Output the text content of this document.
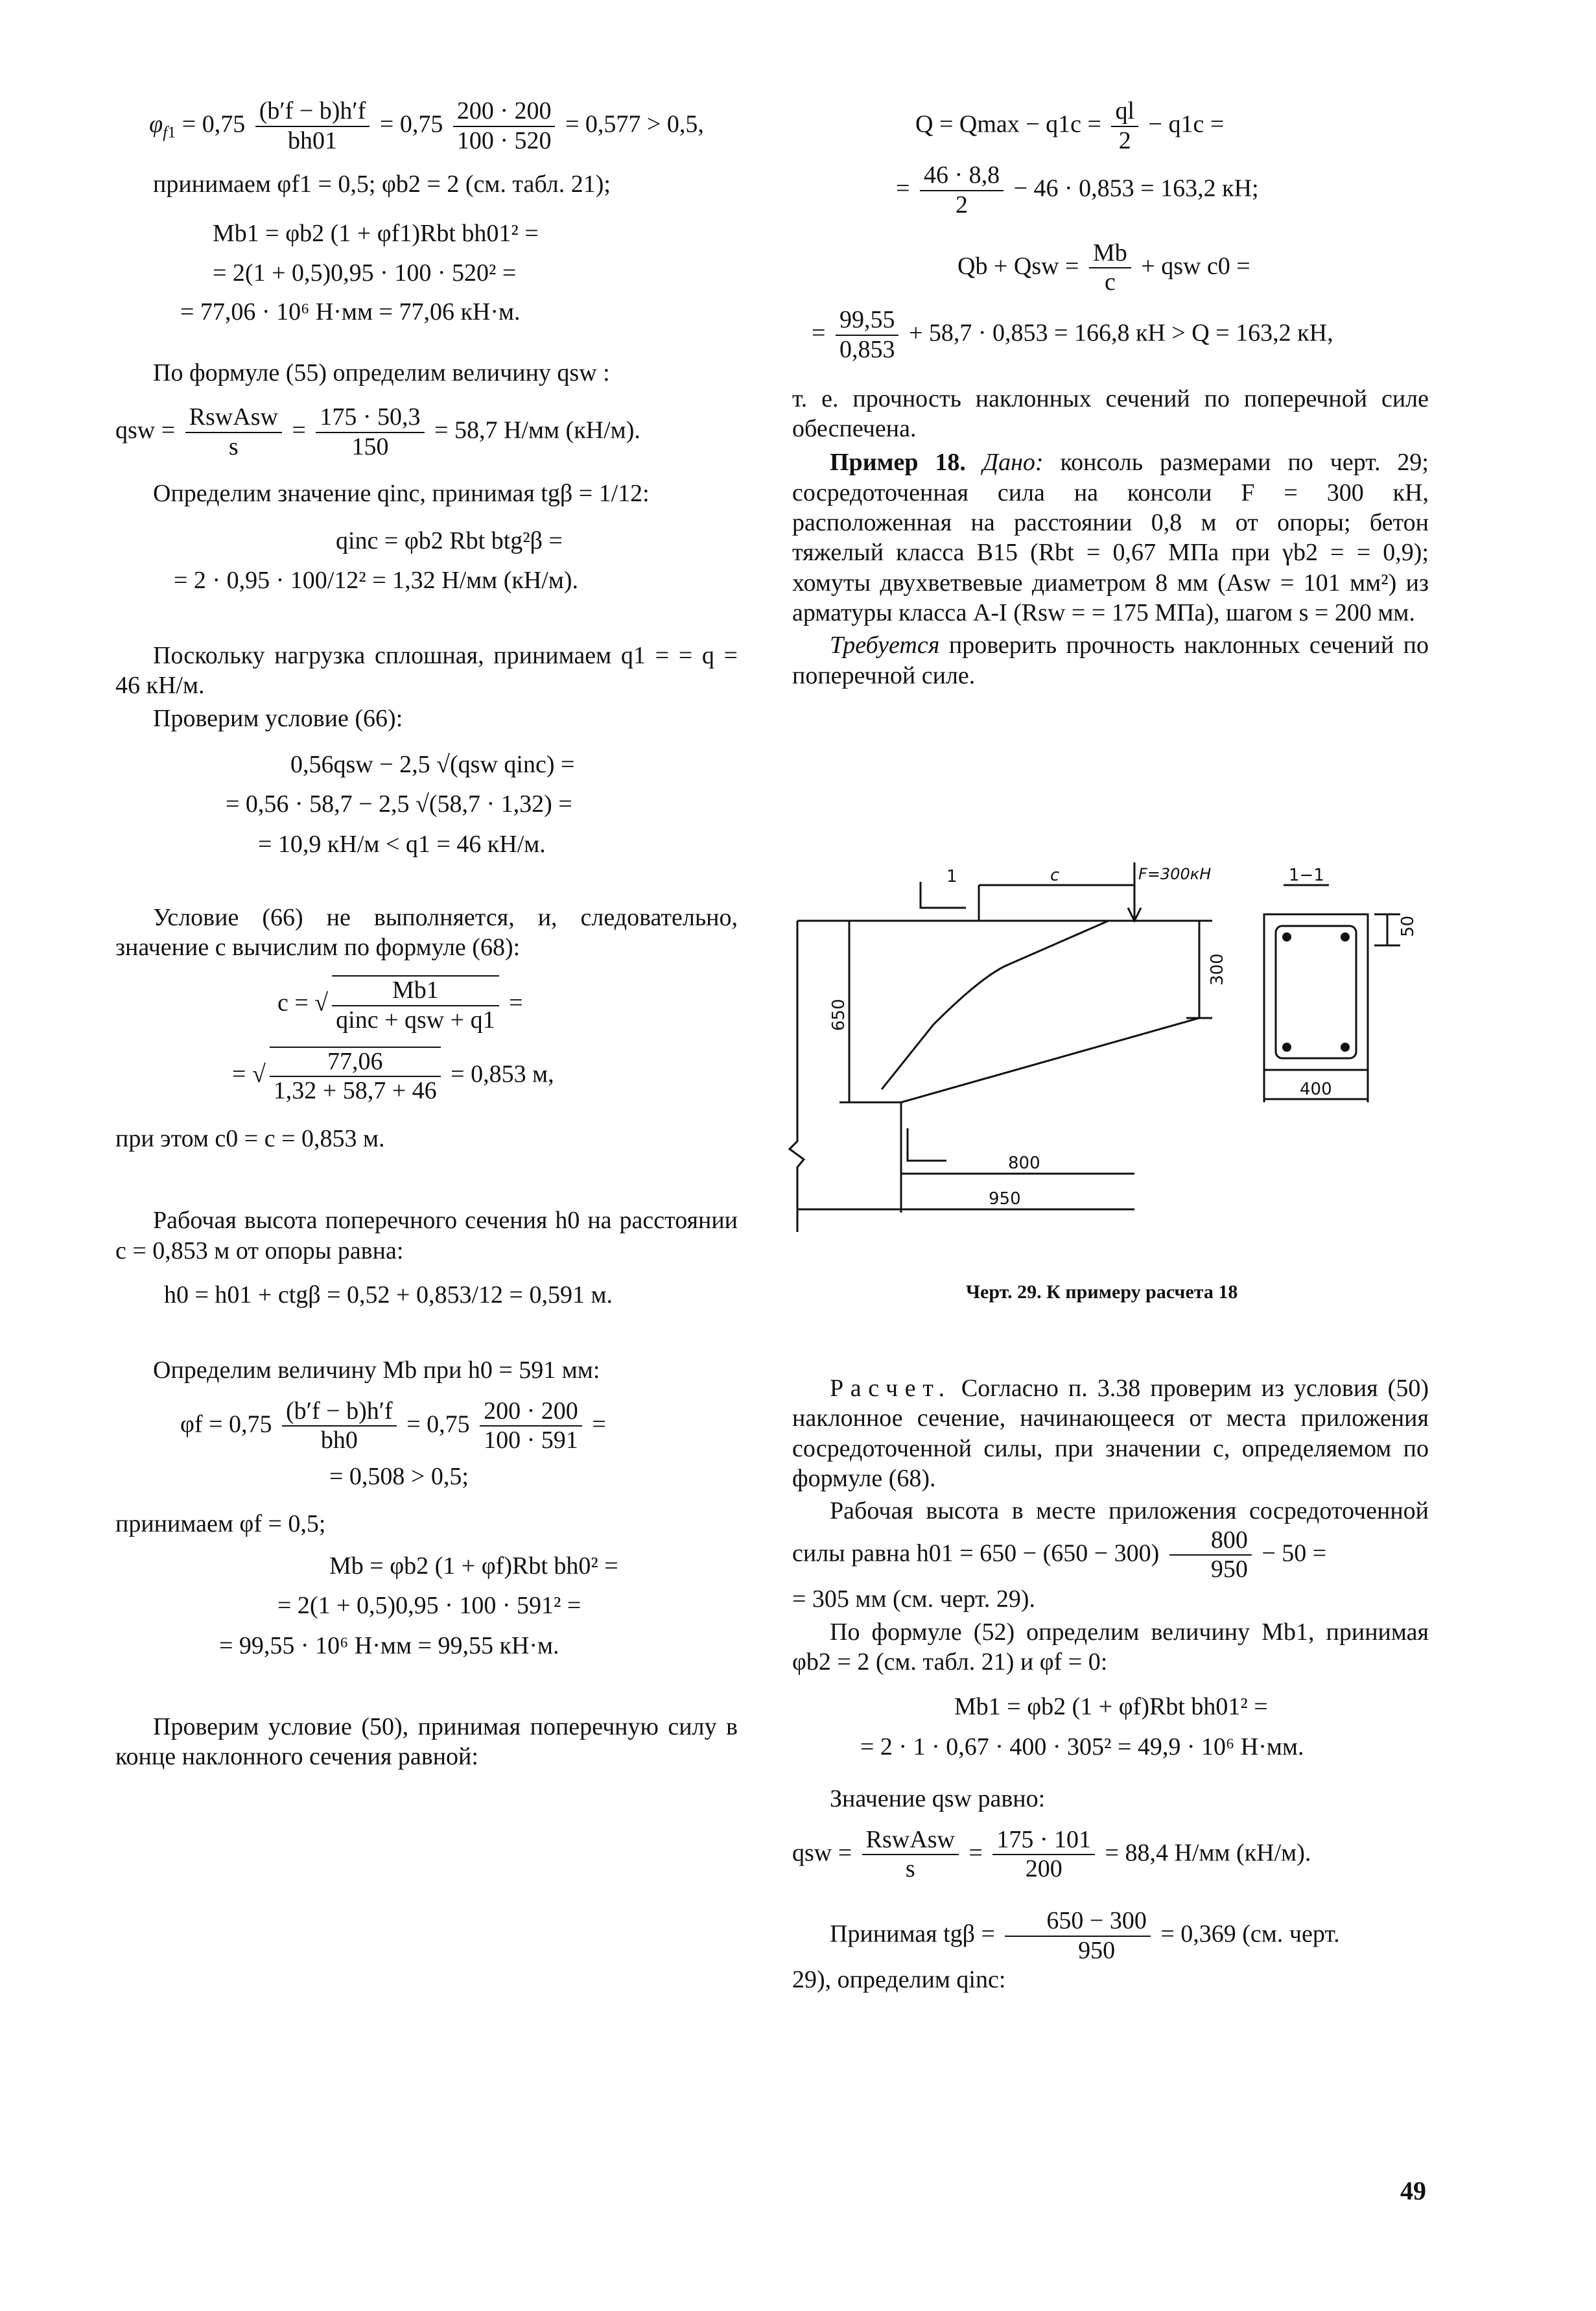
$\varphi_{f1} = 0,75 \frac{(b'f - b)h'f}{bh01} = 0,75 \frac{200 \cdot 200}{100 \cdot 520} = 0,577 > 0,5$,

принимаем φf1 = 0,5; φb2 = 2 (см. табл. 21);

Mb1 = φb2 (1 + φf1)Rbt bh01² =
= 2(1 + 0,5)0,95 · 100 · 520² =
= 77,06 · 10⁶ Н·мм = 77,06 кН·м.

По формуле (55) определим величину qsw :

qsw = $\frac{\text{RswAsw}}{s} = \frac{175 \cdot 50,3}{150} = 58,7$ Н/мм (кН/м).

Определим значение qinc, принимая tgβ = 1/12:

qinc = φb2 Rbt btg²β =
= 2 · 0,95 · 100/12² = 1,32 Н/мм (кН/м).

Поскольку нагрузка сплошная, принимаем q1 = = q = 46 кН/м.

Проверим условие (66):

0,56qsw − 2,5 √(qsw qinc) =
= 0,56 · 58,7 − 2,5 √(58,7 · 1,32) =
= 10,9 кН/м < q1 = 46 кН/м.

Условие (66) не выполняется, и, следовательно, значение c вычислим по формуле (68):

c = √ $\frac{Mb1}{\text{qinc + qsw + q1}}$ =
= √ $\frac{77,06}{1,32 + 58,7 + 46} = 0,853$ м,

при этом c0 = c = 0,853 м.

Рабочая высота поперечного сечения h0 на расстоянии c = 0,853 м от опоры равна:

h0 = h01 + ctgβ = 0,52 + 0,853/12 = 0,591 м.

Определим величину Mb при h0 = 591 мм:

$\varphi f = 0,75 \frac{(b'f - b)h'f}{bh0} = 0,75 \frac{200 \cdot 200}{100 \cdot 591}$ =
= 0,508 > 0,5;

принимаем φf = 0,5;

Mb = φb2 (1 + φf)Rbt bh0² =
= 2(1 + 0,5)0,95 · 100 · 591² =
= 99,55 · 10⁶ Н·мм = 99,55 кН·м.

Проверим условие (50), принимая поперечную силу в конце наклонного сечения равной:

$Q = Qmax - q1c = \frac{ql}{2} - q1c$ =
= $\frac{46 \cdot 8,8}{2} - 46 \cdot 0,853 = 163,2$ кН;
Qb + Qsw = $\frac{Mb}{c}$ + qsw c0 =
= $\frac{99,55}{0,853} + 58,7 \cdot 0,853 = 166,8$ кН > Q = 163,2 кН,

т. е. прочность наклонных сечений по поперечной силе обеспечена.

Пример 18. Дано: консоль размерами по черт. 29; сосредоточенная сила на консоли F = 300 кН, расположенная на расстоянии 0,8 м от опоры; бетон тяжелый класса B15 (Rbt = 0,67 МПа при γb2 = = 0,9); хомуты двухветвевые диаметром 8 мм (Asw = 101 мм²) из арматуры класса A-I (Rsw = = 175 МПа), шагом s = 200 мм.

Требуется проверить прочность наклонных сечений по поперечной силе.

1	c	F=300кН	1−1
650
300
800
950
400
50
Черт. 29. К примеру расчета 18

Расчет. Согласно п. 3.38 проверим из условия (50) наклонное сечение, начинающееся от места приложения сосредоточенной силы, при значении c, определяемом по формуле (68).

Рабочая высота в месте приложения сосредоточенной силы равна $h01 = 650 - (650 - 300) \frac{800}{950} - 50$ =

= 305 мм (см. черт. 29).

По формуле (52) определим величину Mb1, принимая φb2 = 2 (см. табл. 21) и φf = 0:

Mb1 = φb2 (1 + φf)Rbt bh01² =
= 2 · 1 · 0,67 · 400 · 305² = 49,9 · 10⁶ Н·мм.

Значение qsw равно:

qsw = $\frac{\text{RswAsw}}{s} = \frac{175 \cdot 101}{200} = 88,4$ Н/мм (кН/м).

Принимая $tg\beta = \frac{650 - 300}{950} = 0,369$ (см. черт.

29), определим qinc:

49
